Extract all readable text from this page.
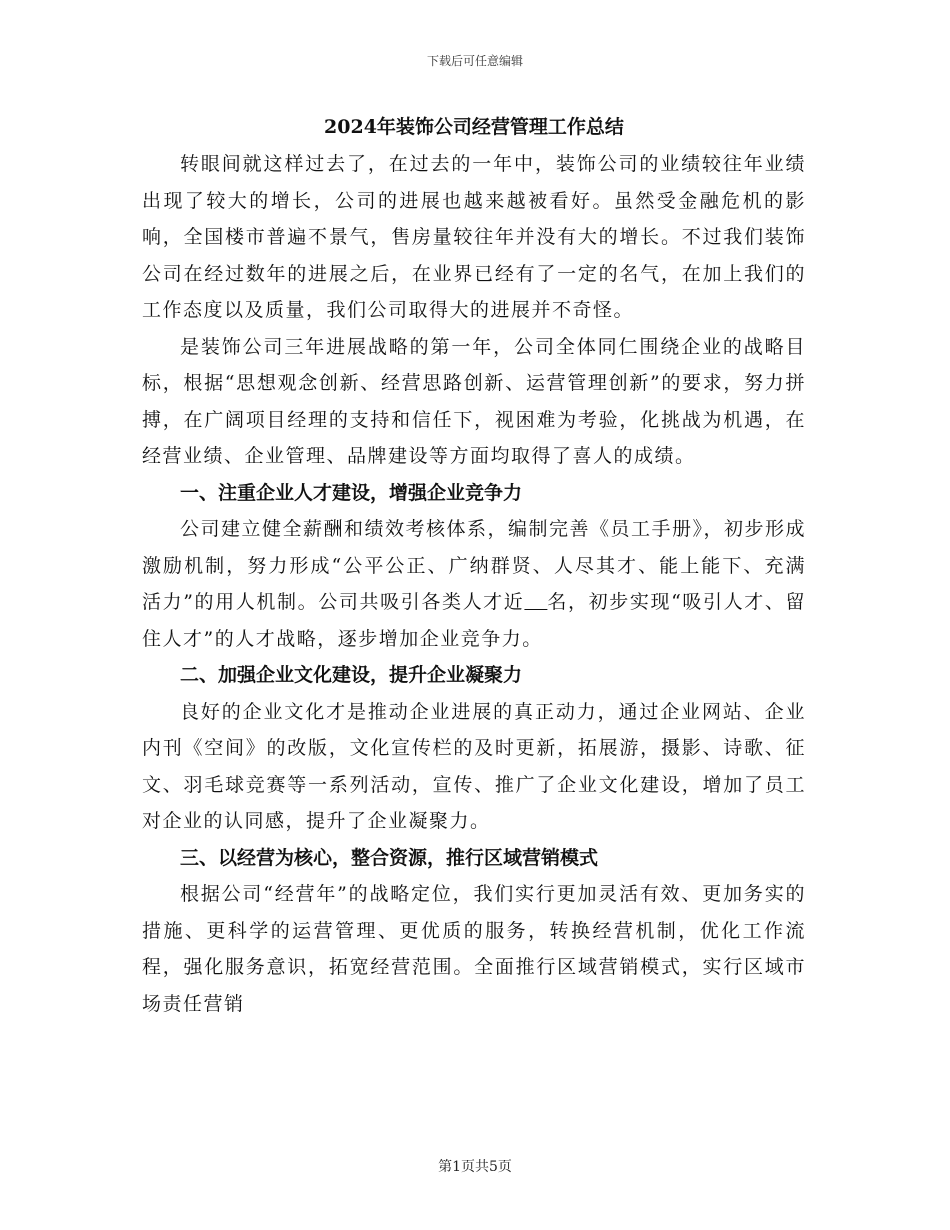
下载后可任意编辑
2024年装饰公司经营管理工作总结

转眼间就这样过去了，在过去的一年中，装饰公司的业绩较往年业绩出现了较大的增长，公司的进展也越来越被看好。虽然受金融危机的影响，全国楼市普遍不景气，售房量较往年并没有大的增长。不过我们装饰公司在经过数年的进展之后，在业界已经有了一定的名气，在加上我们的工作态度以及质量，我们公司取得大的进展并不奇怪。

是装饰公司三年进展战略的第一年，公司全体同仁围绕企业的战略目标，根据“思想观念创新、经营思路创新、运营管理创新”的要求，努力拼搏，在广阔项目经理的支持和信任下，视困难为考验，化挑战为机遇，在经营业绩、企业管理、品牌建设等方面均取得了喜人的成绩。

一、注重企业人才建设，增强企业竞争力

公司建立健全薪酬和绩效考核体系，编制完善《员工手册》，初步形成激励机制，努力形成“公平公正、广纳群贤、人尽其才、能上能下、充满活力”的用人机制。公司共吸引各类人才近 名，初步实现“吸引人才、留住人才”的人才战略，逐步增加企业竞争力。

二、加强企业文化建设，提升企业凝聚力

良好的企业文化才是推动企业进展的真正动力，通过企业网站、企业内刊《空间》的改版，文化宣传栏的及时更新，拓展游，摄影、诗歌、征文、羽毛球竞赛等一系列活动，宣传、推广了企业文化建设，增加了员工对企业的认同感，提升了企业凝聚力。

三、以经营为核心，整合资源，推行区域营销模式

根据公司“经营年”的战略定位，我们实行更加灵活有效、更加务实的措施、更科学的运营管理、更优质的服务，转换经营机制，优化工作流程，强化服务意识，拓宽经营范围。全面推行区域营销模式，实行区域市场责任营销

第1页共5页
